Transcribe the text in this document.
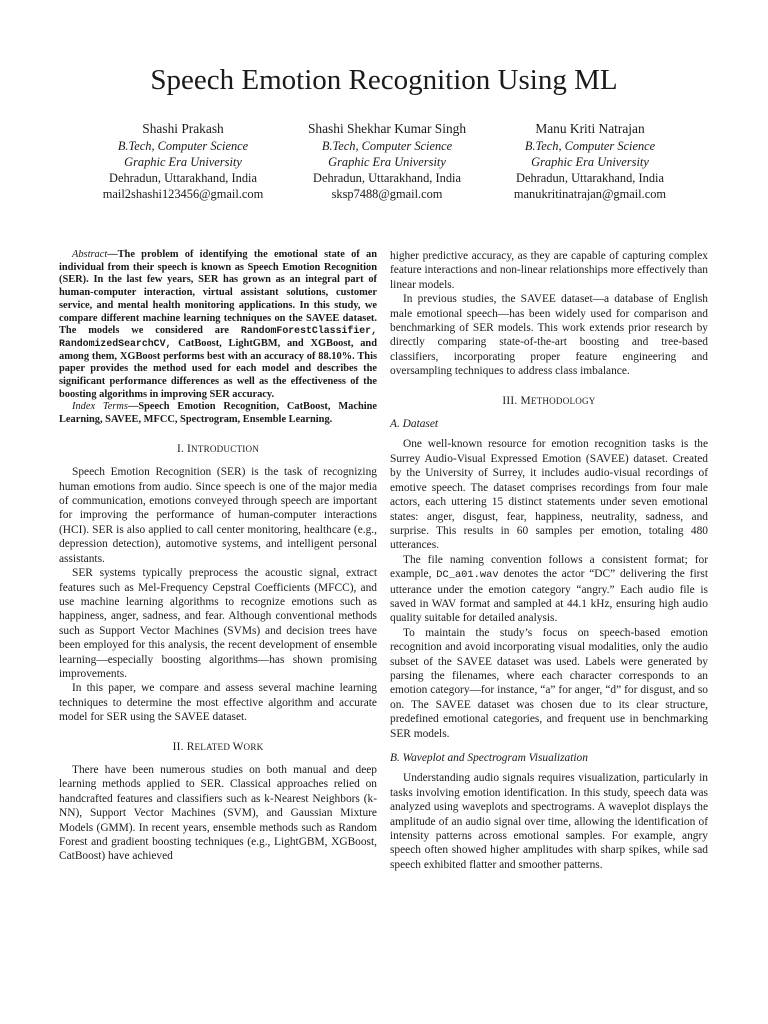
Speech Emotion Recognition Using ML
Shashi Prakash
B.Tech, Computer Science
Graphic Era University
Dehradun, Uttarakhand, India
mail2shashi123456@gmail.com
Shashi Shekhar Kumar Singh
B.Tech, Computer Science
Graphic Era University
Dehradun, Uttarakhand, India
sksp7488@gmail.com
Manu Kriti Natrajan
B.Tech, Computer Science
Graphic Era University
Dehradun, Uttarakhand, India
manukritinatrajan@gmail.com

Abstract—The problem of identifying the emotional state of an individual from their speech is known as Speech Emotion Recognition (SER). In the last few years, SER has grown as an integral part of human-computer interaction, virtual assistant solutions, customer service, and mental health monitoring applications. In this study, we compare different machine learning techniques on the SAVEE dataset. The models we considered are RandomForestClassifier, RandomizedSearchCV, CatBoost, LightGBM, and XGBoost, and among them, XGBoost performs best with an accuracy of 88.10%. This paper provides the method used for each model and describes the significant performance differences as well as the effectiveness of the boosting algorithms in improving SER accuracy.

Index Terms—Speech Emotion Recognition, CatBoost, Machine Learning, SAVEE, MFCC, Spectrogram, Ensemble Learning.

I. INTRODUCTION

Speech Emotion Recognition (SER) is the task of recognizing human emotions from audio. Since speech is one of the major media of communication, emotions conveyed through speech are important for improving the performance of human-computer interactions (HCI). SER is also applied to call center monitoring, healthcare (e.g., depression detection), automotive systems, and intelligent personal assistants.

SER systems typically preprocess the acoustic signal, extract features such as Mel-Frequency Cepstral Coefficients (MFCC), and use machine learning algorithms to recognize emotions such as happiness, anger, sadness, and fear. Although conventional methods such as Support Vector Machines (SVMs) and decision trees have been employed for this analysis, the recent development of ensemble learning—especially boosting algorithms—has shown promising improvements.

In this paper, we compare and assess several machine learning techniques to determine the most effective algorithm and accurate model for SER using the SAVEE dataset.

II. RELATED WORK

There have been numerous studies on both manual and deep learning methods applied to SER. Classical approaches relied on handcrafted features and classifiers such as k-Nearest Neighbors (k-NN), Support Vector Machines (SVM), and Gaussian Mixture Models (GMM). In recent years, ensemble methods such as Random Forest and gradient boosting techniques (e.g., LightGBM, XGBoost, CatBoost) have achieved

higher predictive accuracy, as they are capable of capturing complex feature interactions and non-linear relationships more effectively than linear models.

In previous studies, the SAVEE dataset—a database of English male emotional speech—has been widely used for comparison and benchmarking of SER models. This work extends prior research by directly comparing state-of-the-art boosting and tree-based classifiers, incorporating proper feature engineering and oversampling techniques to address class imbalance.

III. METHODOLOGY
A. Dataset

One well-known resource for emotion recognition tasks is the Surrey Audio-Visual Expressed Emotion (SAVEE) dataset. Created by the University of Surrey, it includes audio-visual recordings of emotive speech. The dataset comprises recordings from four male actors, each uttering 15 distinct statements under seven emotional states: anger, disgust, fear, happiness, neutrality, sadness, and surprise. This results in 60 samples per emotion, totaling 480 utterances.

The file naming convention follows a consistent format; for example, DC_a01.wav denotes the actor “DC” delivering the first utterance under the emotion category “angry.” Each audio file is saved in WAV format and sampled at 44.1 kHz, ensuring high audio quality suitable for detailed analysis.

To maintain the study’s focus on speech-based emotion recognition and avoid incorporating visual modalities, only the audio subset of the SAVEE dataset was used. Labels were generated by parsing the filenames, where each character corresponds to an emotion category—for instance, “a” for anger, “d” for disgust, and so on. The SAVEE dataset was chosen due to its clear structure, predefined emotional categories, and frequent use in benchmarking SER models.

B. Waveplot and Spectrogram Visualization

Understanding audio signals requires visualization, particularly in tasks involving emotion identification. In this study, speech data was analyzed using waveplots and spectrograms. A waveplot displays the amplitude of an audio signal over time, allowing the identification of intensity patterns across emotional samples. For example, angry speech often showed higher amplitudes with sharp spikes, while sad speech exhibited flatter and smoother patterns.
